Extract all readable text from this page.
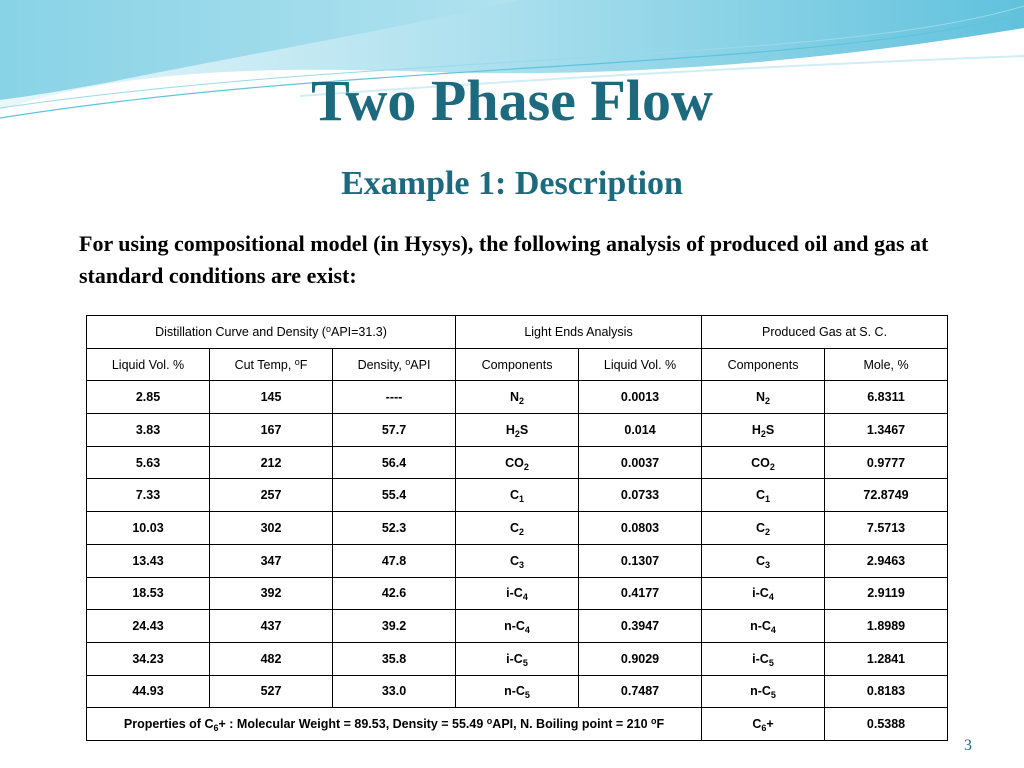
Two Phase Flow
Example 1: Description

For using compositional model (in Hysys), the following analysis of produced oil and gas at standard conditions are exist:

Distillation Curve and Density ($^o$API=31.3)			Light Ends Analysis		Produced Gas at S. C.	
Liquid Vol. %	Cut Temp, $^o$F	Density, $^o$API	Components	Liquid Vol. %	Components	Mole, %
2.85	145	----	$N_2$	0.0013	$N_2$	6.8311
3.83	167	57.7	$H_2S$	0.014	$H_2S$	1.3467
5.63	212	56.4	$CO_2$	0.0037	$CO_2$	0.9777
7.33	257	55.4	$C_1$	0.0733	$C_1$	72.8749
10.03	302	52.3	$C_2$	0.0803	$C_2$	7.5713
13.43	347	47.8	$C_3$	0.1307	$C_3$	2.9463
18.53	392	42.6	$i-C_4$	0.4177	$i-C_4$	2.9119
24.43	437	39.2	$n-C_4$	0.3947	$n-C_4$	1.8989
34.23	482	35.8	$i-C_5$	0.9029	$i-C_5$	1.2841
44.93	527	33.0	$n-C_5$	0.7487	$n-C_5$	0.8183
Properties of $C_6+$ : Molecular Weight = 89.53, Density = 55.49 $^o$API, N. Boiling point = 210 $^o$F					$C_6+$	0.5388
3
